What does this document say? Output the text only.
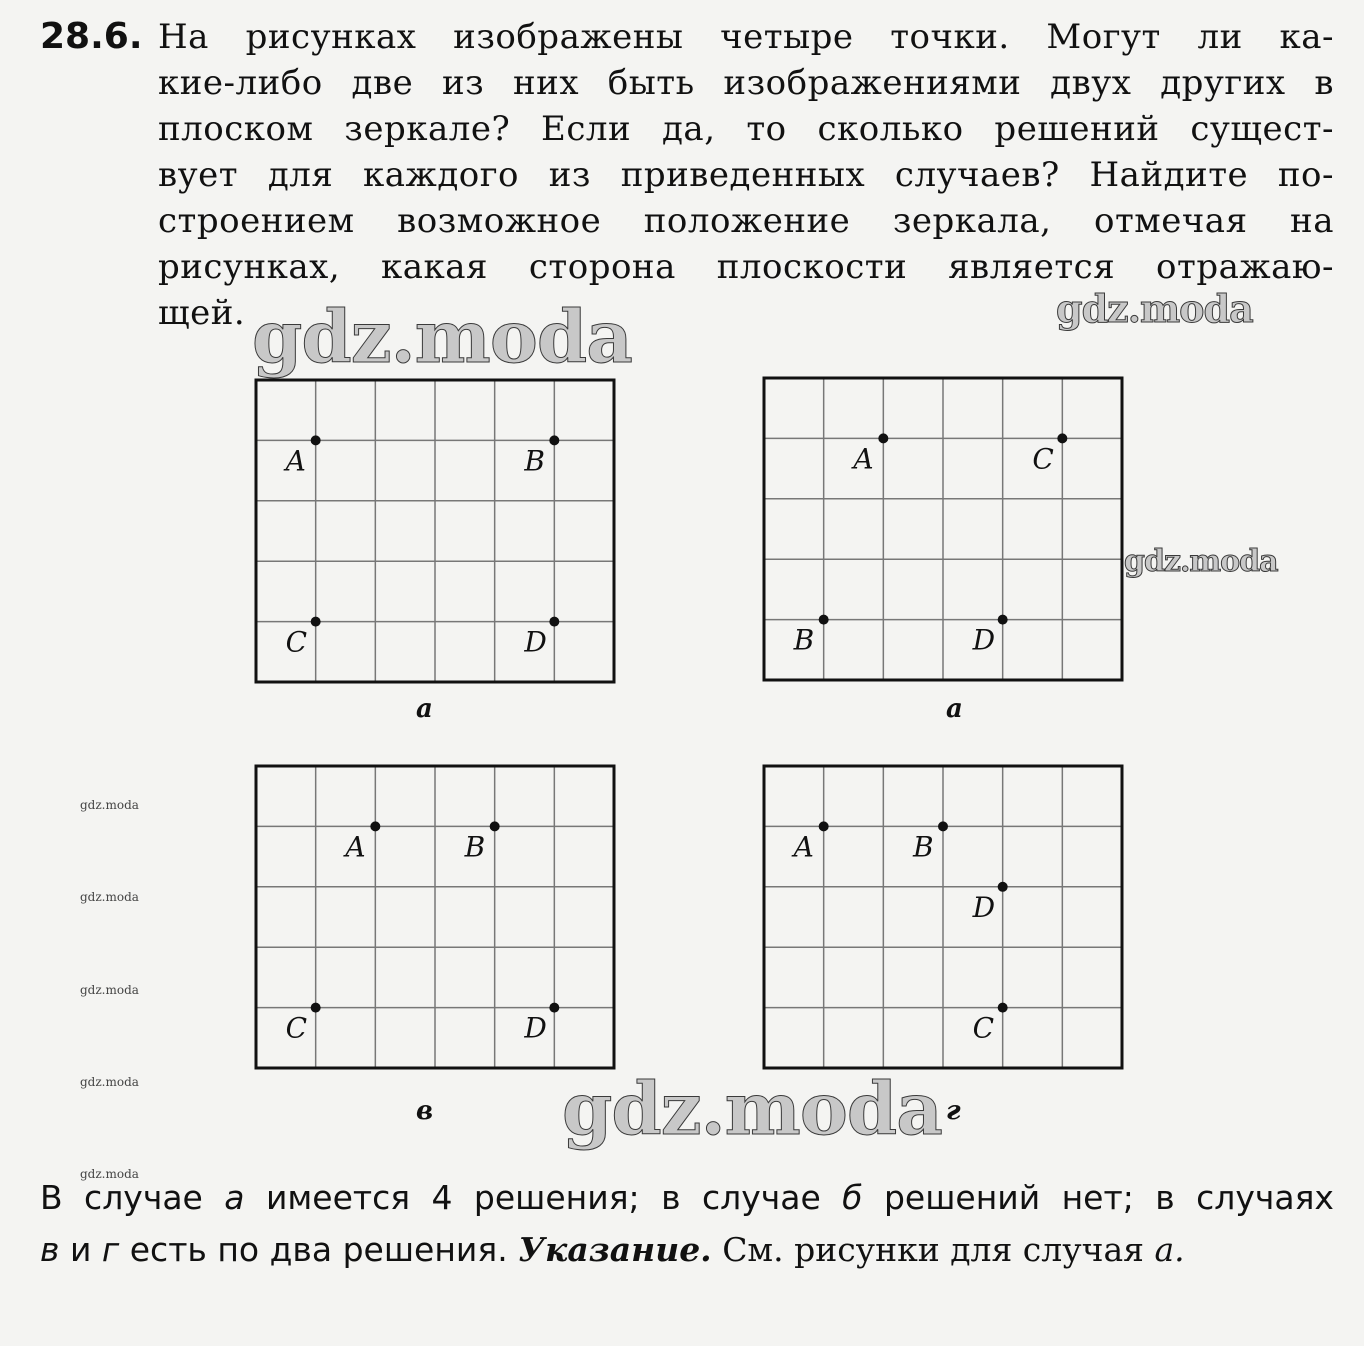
28.6. На рисунках изображены четыре точки. Могут ли ка-
кие-либо две из них быть изображениями двух других в
плоском зеркале? Если да, то сколько решений сущест-
вует для каждого из приведенных случаев? Найдите по-
строением возможное положение зеркала, отмечая на
рисунках, какая сторона плоскости является отражаю-
щей.
A	B
C	D
а
A	C
B	D
а
A	B
C	D
в
A	B
D
C
г
gdz.moda
gdz.moda
gdz.moda
gdz.moda
gdz.moda
gdz.moda
gdz.moda
gdz.moda
gdz.moda
В случае а имеется 4 решения; в случае б решений нет; в случаях
в и г есть по два решения. Указание. См. рисунки для случая а.
